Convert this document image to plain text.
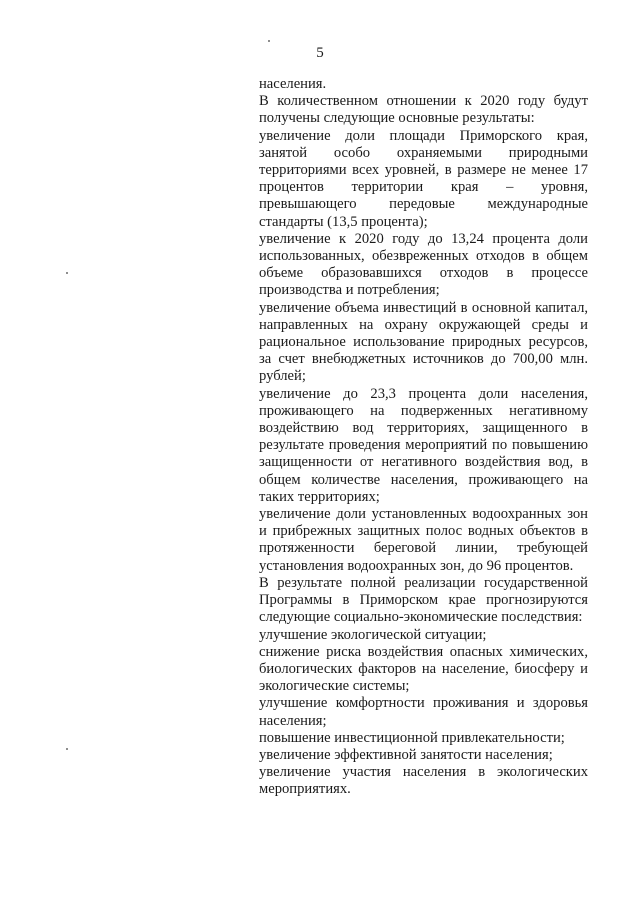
5

населения.

В количественном отношении к 2020 году будут получены следующие основные результаты:

увеличение доли площади Приморского края, занятой особо охраняемыми природными территориями всех уровней, в размере не менее 17 процентов территории края – уровня, превышающего передовые международные стандарты (13,5 процента);

увеличение к 2020 году до 13,24 процента доли использованных, обезвреженных отходов в общем объеме образовавшихся отходов в процессе производства и потребления;

увеличение объема инвестиций в основной капитал, направленных на охрану окружающей среды и рациональное использование природных ресурсов, за счет внебюджетных источников до 700,00 млн. рублей;

увеличение до 23,3 процента доли населения, проживающего на подверженных негативному воздействию вод территориях, защищенного в результате проведения мероприятий по повышению защищенности от негативного воздействия вод, в общем количестве населения, проживающего на таких территориях;

увеличение доли установленных водоохранных зон и прибрежных защитных полос водных объектов в протяженности береговой линии, требующей установления водоохранных зон, до 96 процентов.

В результате полной реализации государственной Программы в Приморском крае прогнозируются следующие социально-экономические последствия:

улучшение экологической ситуации;

снижение риска воздействия опасных химических, биологических факторов на население, биосферу и экологические системы;

улучшение комфортности проживания и здоровья населения;

повышение инвестиционной привлекательности;

увеличение эффективной занятости населения;

увеличение участия населения в экологических мероприятиях.
